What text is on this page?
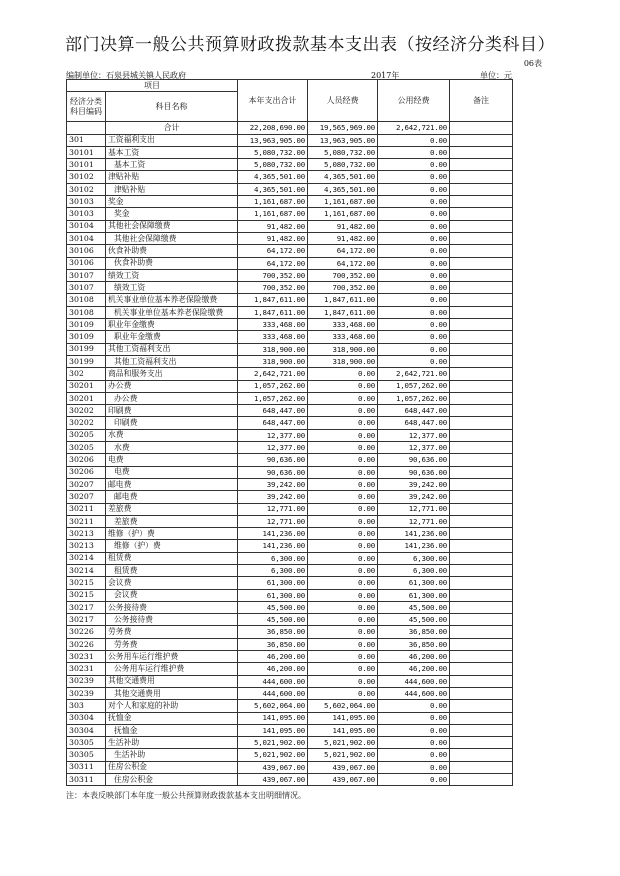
部门决算一般公共预算财政拨款基本支出表（按经济分类科目）
06表
编制单位：石泉县城关镇人民政府	2017年	单位：元
项目		本年支出合计	人员经费	公用经费	备注
经济分类科目编码	科目名称				
	合计	22,208,690.00	19,565,969.00	2,642,721.00	
301	工资福利支出	13,963,905.00	13,963,905.00	0.00	
30101	基本工资	5,080,732.00	5,080,732.00	0.00	
30101	基本工资	5,080,732.00	5,080,732.00	0.00	
30102	津贴补贴	4,365,501.00	4,365,501.00	0.00	
30102	津贴补贴	4,365,501.00	4,365,501.00	0.00	
30103	奖金	1,161,687.00	1,161,687.00	0.00	
30103	奖金	1,161,687.00	1,161,687.00	0.00	
30104	其他社会保障缴费	91,482.00	91,482.00	0.00	
30104	其他社会保障缴费	91,482.00	91,482.00	0.00	
30106	伙食补助费	64,172.00	64,172.00	0.00	
30106	伙食补助费	64,172.00	64,172.00	0.00	
30107	绩效工资	700,352.00	700,352.00	0.00	
30107	绩效工资	700,352.00	700,352.00	0.00	
30108	机关事业单位基本养老保险缴费	1,847,611.00	1,847,611.00	0.00	
30108	机关事业单位基本养老保险缴费	1,847,611.00	1,847,611.00	0.00	
30109	职业年金缴费	333,468.00	333,468.00	0.00	
30109	职业年金缴费	333,468.00	333,468.00	0.00	
30199	其他工资福利支出	318,900.00	318,900.00	0.00	
30199	其他工资福利支出	318,900.00	318,900.00	0.00	
302	商品和服务支出	2,642,721.00	0.00	2,642,721.00	
30201	办公费	1,057,262.00	0.00	1,057,262.00	
30201	办公费	1,057,262.00	0.00	1,057,262.00	
30202	印刷费	648,447.00	0.00	648,447.00	
30202	印刷费	648,447.00	0.00	648,447.00	
30205	水费	12,377.00	0.00	12,377.00	
30205	水费	12,377.00	0.00	12,377.00	
30206	电费	90,636.00	0.00	90,636.00	
30206	电费	90,636.00	0.00	90,636.00	
30207	邮电费	39,242.00	0.00	39,242.00	
30207	邮电费	39,242.00	0.00	39,242.00	
30211	差旅费	12,771.00	0.00	12,771.00	
30211	差旅费	12,771.00	0.00	12,771.00	
30213	维修（护）费	141,236.00	0.00	141,236.00	
30213	维修（护）费	141,236.00	0.00	141,236.00	
30214	租赁费	6,300.00	0.00	6,300.00	
30214	租赁费	6,300.00	0.00	6,300.00	
30215	会议费	61,300.00	0.00	61,300.00	
30215	会议费	61,300.00	0.00	61,300.00	
30217	公务接待费	45,500.00	0.00	45,500.00	
30217	公务接待费	45,500.00	0.00	45,500.00	
30226	劳务费	36,850.00	0.00	36,850.00	
30226	劳务费	36,850.00	0.00	36,850.00	
30231	公务用车运行维护费	46,200.00	0.00	46,200.00	
30231	公务用车运行维护费	46,200.00	0.00	46,200.00	
30239	其他交通费用	444,600.00	0.00	444,600.00	
30239	其他交通费用	444,600.00	0.00	444,600.00	
303	对个人和家庭的补助	5,602,064.00	5,602,064.00	0.00	
30304	抚恤金	141,095.00	141,095.00	0.00	
30304	抚恤金	141,095.00	141,095.00	0.00	
30305	生活补助	5,021,902.00	5,021,902.00	0.00	
30305	生活补助	5,021,902.00	5,021,902.00	0.00	
30311	住房公积金	439,067.00	439,067.00	0.00	
30311	住房公积金	439,067.00	439,067.00	0.00	
注：本表反映部门本年度一般公共预算财政拨款基本支出明细情况。
